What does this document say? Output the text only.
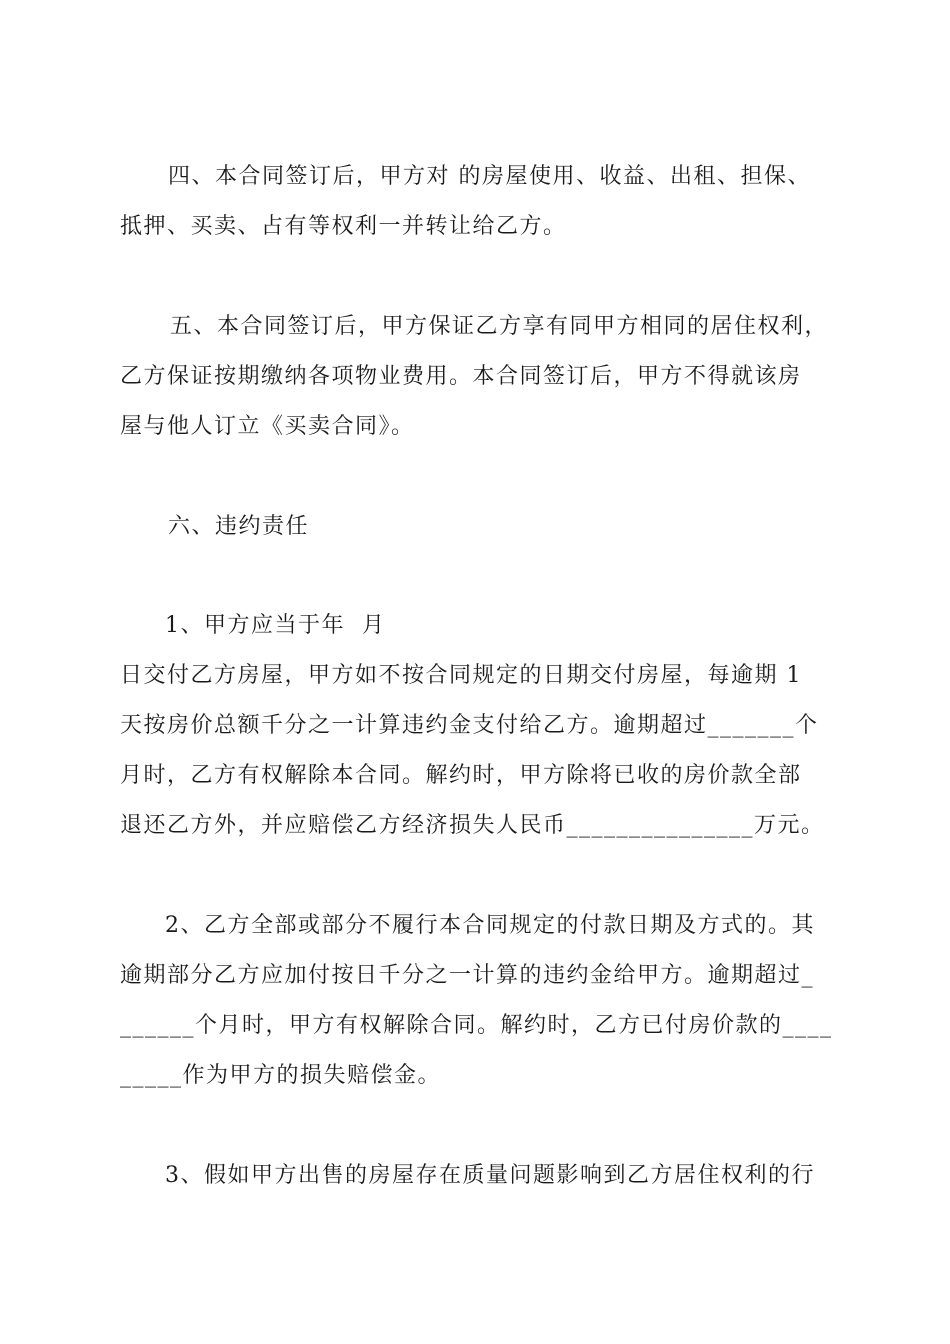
四、本合同签订后，甲方对 的房屋使用、收益、出租、担保、
抵押、买卖、占有等权利一并转让给乙方。
五、本合同签订后，甲方保证乙方享有同甲方相同的居住权利，
乙方保证按期缴纳各项物业费用。本合同签订后，甲方不得就该房
屋与他人订立《买卖合同》。
六、违约责任
1、甲方应当于年  月
日交付乙方房屋，甲方如不按合同规定的日期交付房屋，每逾期 1
天按房价总额千分之一计算违约金支付给乙方。逾期超过_______个
月时，乙方有权解除本合同。解约时，甲方除将已收的房价款全部
退还乙方外，并应赔偿乙方经济损失人民币_______________万元。
2、乙方全部或部分不履行本合同规定的付款日期及方式的。其
逾期部分乙方应加付按日千分之一计算的违约金给甲方。逾期超过_
______个月时，甲方有权解除合同。解约时，乙方已付房价款的____
_____作为甲方的损失赔偿金。
3、假如甲方出售的房屋存在质量问题影响到乙方居住权利的行
